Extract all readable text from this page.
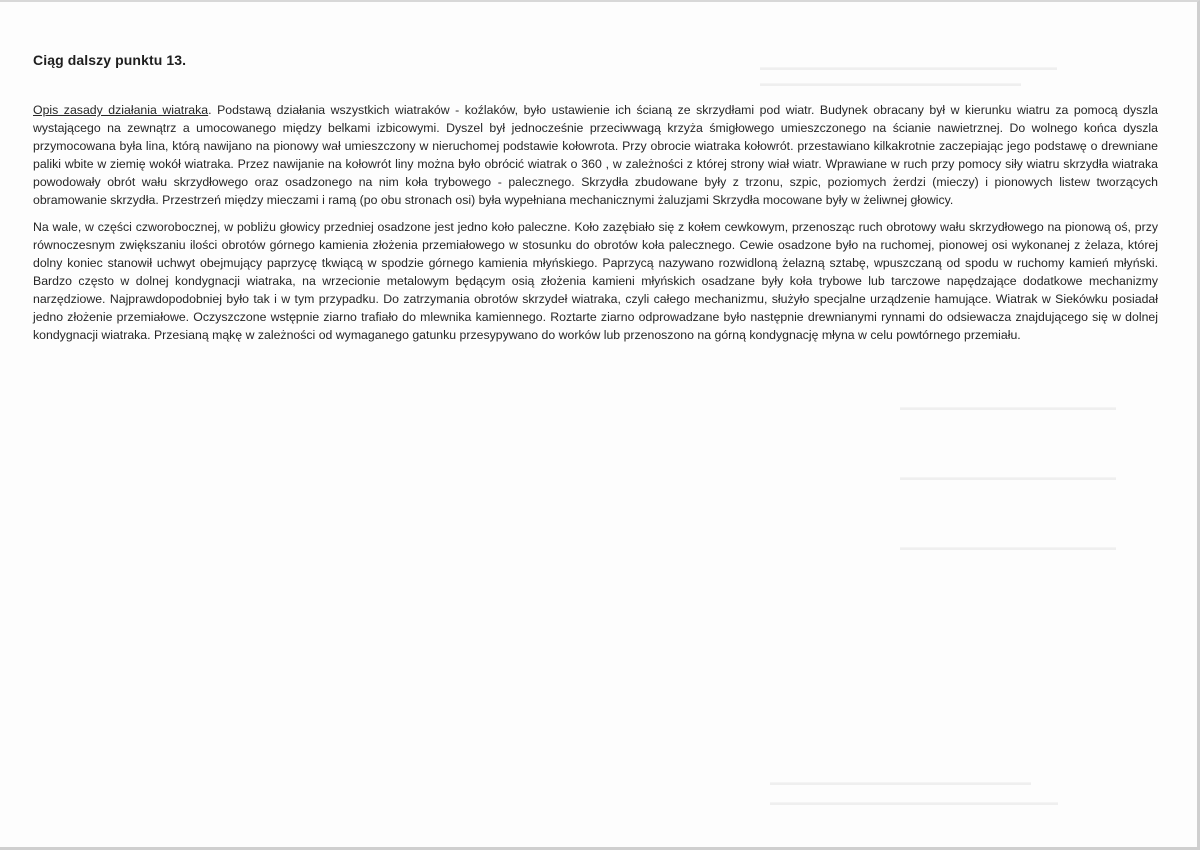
▬▬▬▬▬▬▬▬▬▬▬▬▬▬▬▬▬▬▬▬▬▬▬▬▬▬▬▬▬▬▬▬▬
▬▬▬▬▬▬▬▬▬▬▬▬▬▬▬▬▬▬▬▬▬▬▬▬▬▬▬▬▬
▬▬▬▬▬▬▬▬▬▬▬▬▬▬▬▬▬▬▬▬▬▬▬▬
▬▬▬▬▬▬▬▬▬▬▬▬▬▬▬▬▬▬▬▬▬▬▬▬
▬▬▬▬▬▬▬▬▬▬▬▬▬▬▬▬▬▬▬▬▬▬▬▬
▬▬▬▬▬▬▬▬▬▬▬▬▬▬▬▬▬▬▬▬▬▬▬▬▬▬▬▬▬
▬▬▬▬▬▬▬▬▬▬▬▬▬▬▬▬▬▬▬▬▬▬▬▬▬▬▬▬▬▬▬▬
Ciąg dalszy punktu 13.

Opis zasady działania wiatraka. Podstawą działania wszystkich wiatraków - koźlaków, było ustawienie ich ścianą ze skrzydłami pod wiatr. Budynek obracany był w kierunku wiatru za pomocą dyszla wystającego na zewnątrz a umocowanego między belkami izbicowymi. Dyszel był jednocześnie przeciwwagą krzyża śmigłowego umieszczonego na ścianie nawietrznej. Do wolnego końca dyszla przymocowana była lina, którą nawijano na pionowy wał umieszczony w nieruchomej podstawie kołowrota. Przy obrocie wiatraka kołowrót. przestawiano kilkakrotnie zaczepiając jego podstawę o drewniane paliki wbite w ziemię wokół wiatraka. Przez nawijanie na kołowrót liny można było obrócić wiatrak o 360 , w zależności z której strony wiał wiatr. Wprawiane w ruch przy pomocy siły wiatru skrzydła wiatraka powodowały obrót wału skrzydłowego oraz osadzonego na nim koła trybowego - palecznego. Skrzydła zbudowane były z trzonu, szpic, poziomych żerdzi (mieczy) i pionowych listew tworzących obramowanie skrzydła. Przestrzeń między mieczami i ramą (po obu stronach osi) była wypełniana mechanicznymi żaluzjami Skrzydła mocowane były w żeliwnej głowicy.

Na wale, w części czworobocznej, w pobliżu głowicy przedniej osadzone jest jedno koło paleczne. Koło zazębiało się z kołem cewkowym, przenosząc ruch obrotowy wału skrzydłowego na pionową oś, przy równoczesnym zwiększaniu ilości obrotów górnego kamienia złożenia przemiałowego w stosunku do obrotów koła palecznego. Cewie osadzone było na ruchomej, pionowej osi wykonanej z żelaza, której dolny koniec stanowił uchwyt obejmujący paprzycę tkwiącą w spodzie górnego kamienia młyńskiego. Paprzycą nazywano rozwidloną żelazną sztabę, wpuszczaną od spodu w ruchomy kamień młyński. Bardzo często w dolnej kondygnacji wiatraka, na wrzecionie metalowym będącym osią złożenia kamieni młyńskich osadzane były koła trybowe lub tarczowe napędzające dodatkowe mechanizmy narzędziowe. Najprawdopodobniej było tak i w tym przypadku. Do zatrzymania obrotów skrzydeł wiatraka, czyli całego mechanizmu, służyło specjalne urządzenie hamujące. Wiatrak w Siekówku posiadał jedno złożenie przemiałowe. Oczyszczone wstępnie ziarno trafiało do mlewnika kamiennego. Roztarte ziarno odprowadzane było następnie drewnianymi rynnami do odsiewacza znajdującego się w dolnej kondygnacji wiatraka. Przesianą mąkę w zależności od wymaganego gatunku przesypywano do worków lub przenoszono na górną kondygnację młyna w celu powtórnego przemiału.
